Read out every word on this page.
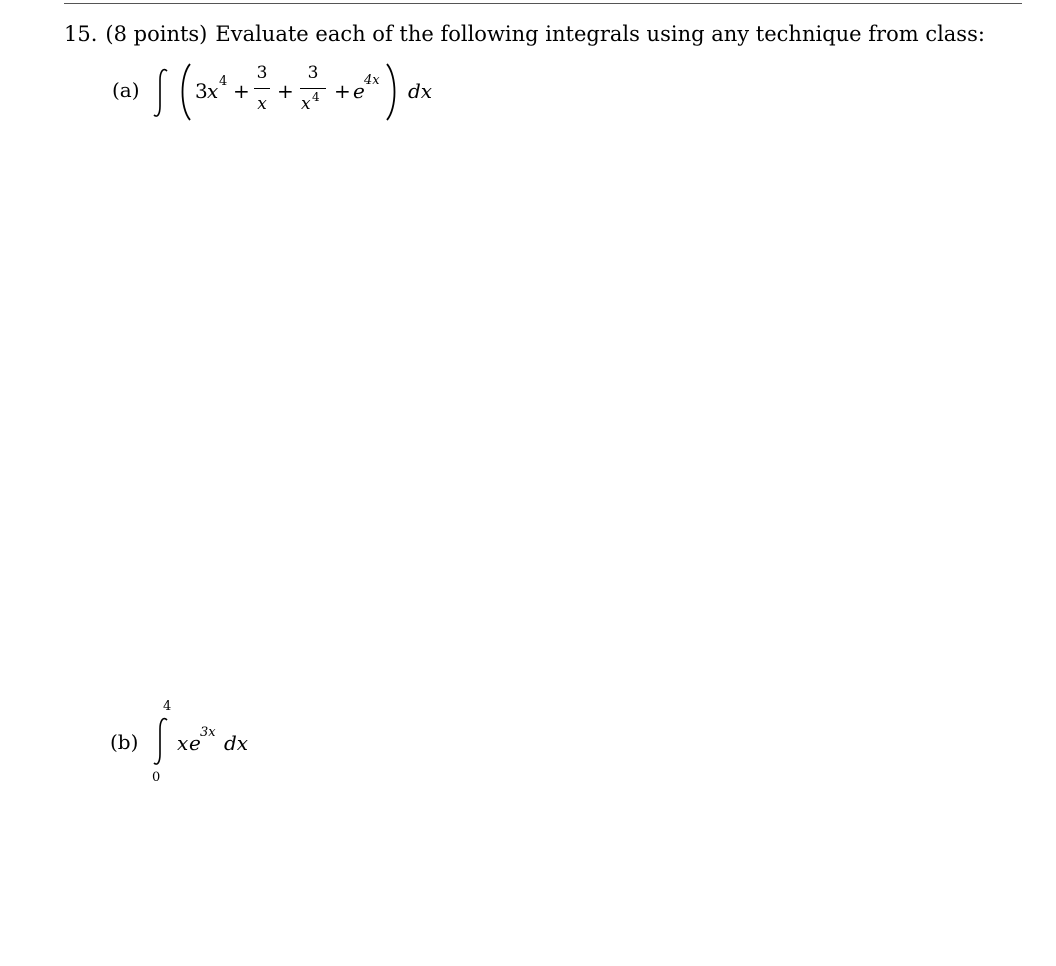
15. (8 points) Evaluate each of the following integrals using any technique from class:
(a)	3 x 4 +
3
x
+
3
x 4 + e 4x dx
(b)
4
0
x e 3x dx
